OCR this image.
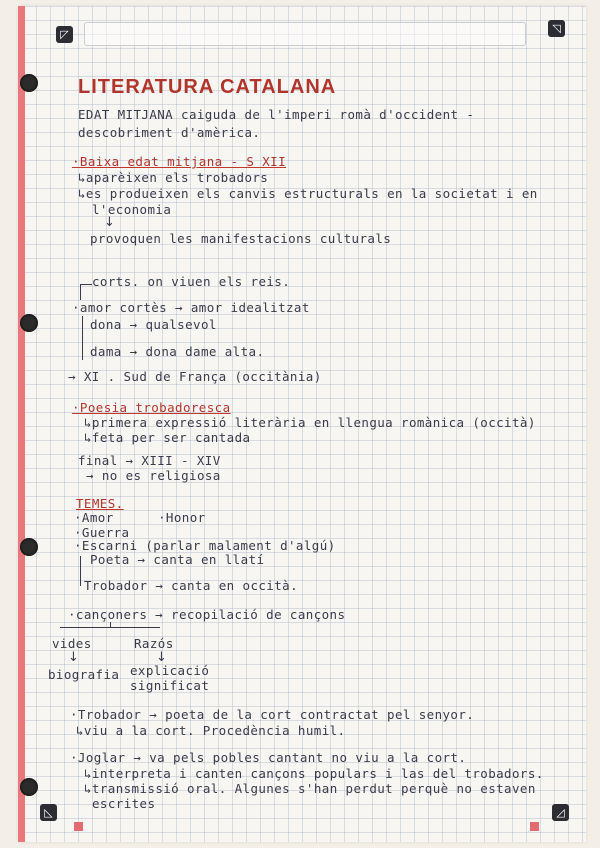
◸	◹
◺	◿
LITERATURA CATALANA
EDAT MITJANA caiguda de l'imperi romà d'occident -
descobriment d'amèrica.
·Baixa edat mitjana - S XII
↳aparèixen els trobadors
↳es produeixen els canvis estructurals en la societat i en
l'economia
↓
provoquen les manifestacions culturals
corts. on viuen els reis.
·amor cortès → amor idealitzat
dona → qualsevol
dama → dona dame alta.
→ XI . Sud de França (occitània)
·Poesia trobadoresca
↳primera expressió literària en llengua romànica (occità)
↳feta per ser cantada
final → XIII - XIV
→ no es religiosa
TEMES.
·Amor	·Honor
·Guerra
·Escarni (parlar malament d'algú)
Poeta → canta en llatí
Trobador → canta en occità.
·cançoners → recopilació de cançons
vides	Razós
↓	↓
biografia explicació
significat
·Trobador → poeta de la cort contractat pel senyor.
↳viu a la cort. Procedència humil.
·Joglar → va pels pobles cantant no viu a la cort.
↳interpreta i canten cançons populars i las del trobadors.
↳transmissió oral. Algunes s'han perdut perquè no estaven
escrites
